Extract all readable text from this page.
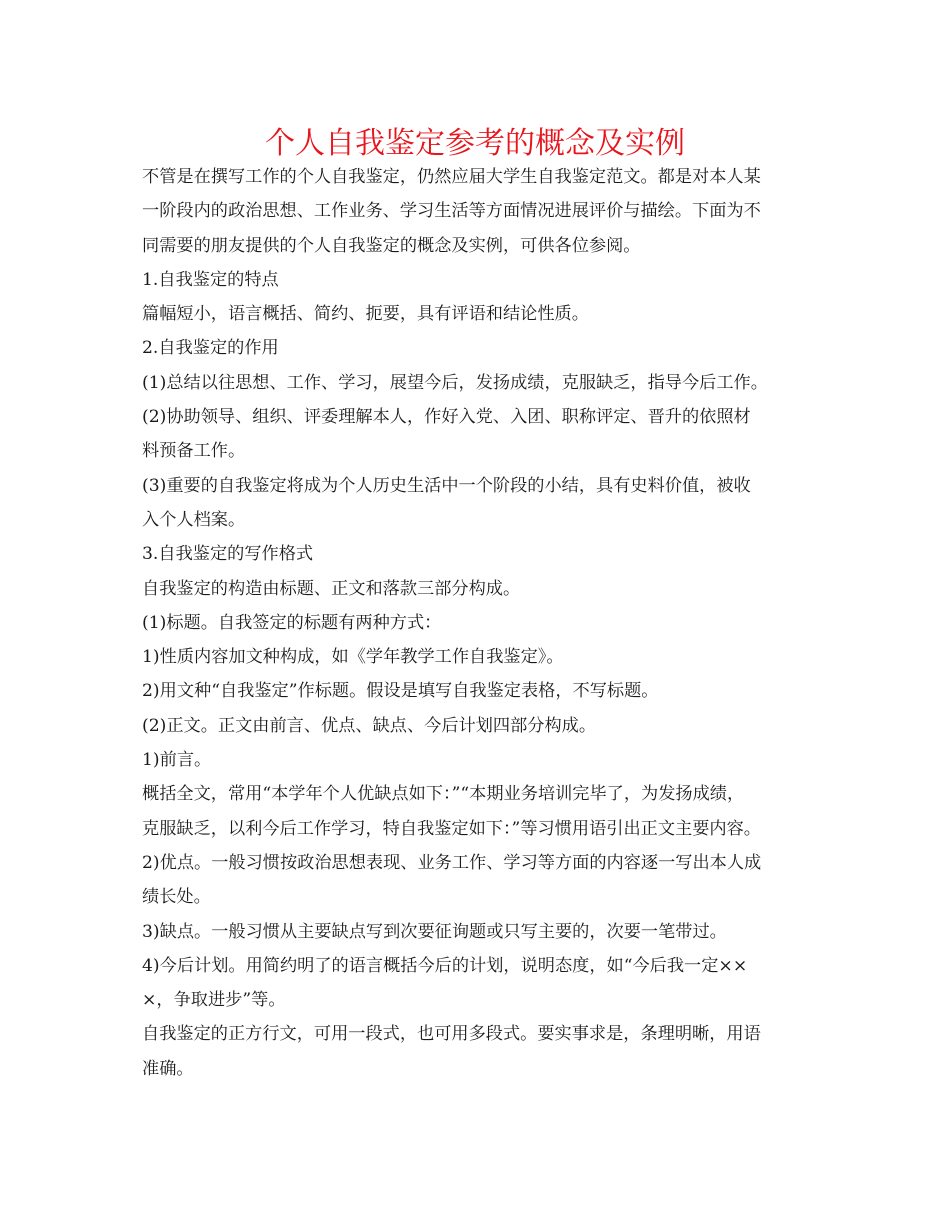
个人自我鉴定参考的概念及实例

不管是在撰写工作的个人自我鉴定，仍然应届大学生自我鉴定范文。都是对本人某

一阶段内的政治思想、工作业务、学习生活等方面情况进展评价与描绘。下面为不

同需要的朋友提供的个人自我鉴定的概念及实例，可供各位参阅。

1.自我鉴定的特点

篇幅短小，语言概括、简约、扼要，具有评语和结论性质。

2.自我鉴定的作用

(1)总结以往思想、工作、学习，展望今后，发扬成绩，克服缺乏，指导今后工作。

(2)协助领导、组织、评委理解本人，作好入党、入团、职称评定、晋升的依照材

料预备工作。

(3)重要的自我鉴定将成为个人历史生活中一个阶段的小结，具有史料价值，被收

入个人档案。

3.自我鉴定的写作格式

自我鉴定的构造由标题、正文和落款三部分构成。

(1)标题。自我签定的标题有两种方式：

1)性质内容加文种构成，如《学年教学工作自我鉴定》。

2)用文种“自我鉴定”作标题。假设是填写自我鉴定表格，不写标题。

(2)正文。正文由前言、优点、缺点、今后计划四部分构成。

1)前言。

概括全文，常用“本学年个人优缺点如下：”“本期业务培训完毕了，为发扬成绩，

克服缺乏，以利今后工作学习，特自我鉴定如下：”等习惯用语引出正文主要内容。

2)优点。一般习惯按政治思想表现、业务工作、学习等方面的内容逐一写出本人成

绩长处。

3)缺点。一般习惯从主要缺点写到次要征询题或只写主要的，次要一笔带过。

4)今后计划。用简约明了的语言概括今后的计划，说明态度，如“今后我一定××

×，争取进步”等。

自我鉴定的正方行文，可用一段式，也可用多段式。要实事求是，条理明晰，用语

准确。
